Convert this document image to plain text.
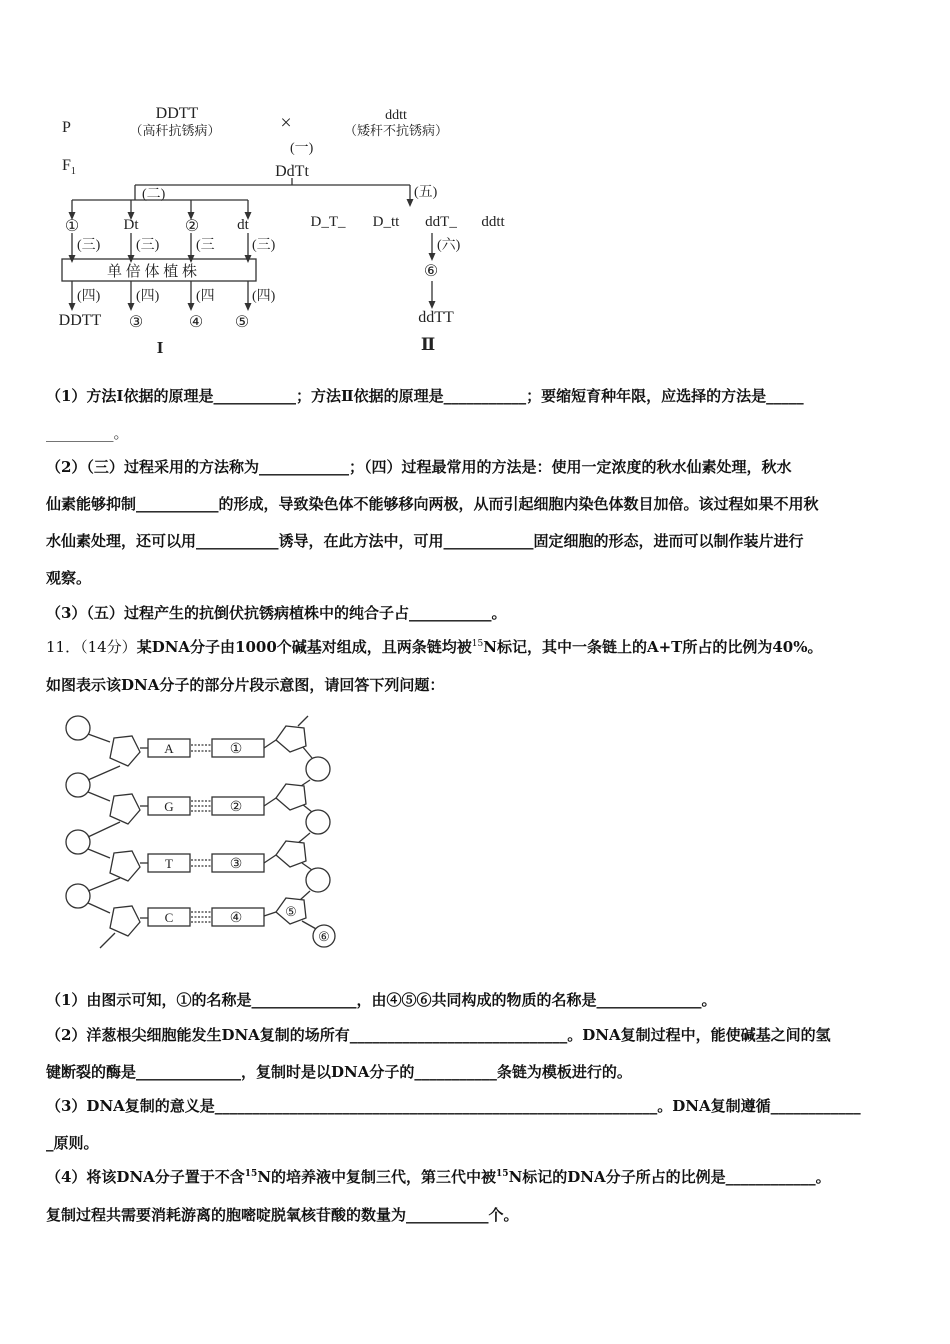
P
$F_1$
DDTT
（高秆抗锈病）	×	ddtt
（矮秆不抗锈病）
(一)
DdTt
(二)	(五)
①	Dt	②	dt
(三)	(三)	(三	(三)
单 倍 体 植 株
(四)	(四)	(四	(四)
DDTT ③	④ ⑤
I
D_T_ D_tt ddT_ ddtt
(六)
⑥
ddTT
Ⅱ
（1）方法Ⅰ依据的原理是___________；方法Ⅱ依据的原理是___________；要缩短育种年限，应选择的方法是_____
_________。
（2）（三）过程采用的方法称为____________；（四）过程最常用的方法是：使用一定浓度的秋水仙素处理，秋水
仙素能够抑制___________的形成，导致染色体不能够移向两极，从而引起细胞内染色体数目加倍。该过程如果不用秋
水仙素处理，还可以用___________诱导，在此方法中，可用____________固定细胞的形态，进而可以制作装片进行
观察。
（3）（五）过程产生的抗倒伏抗锈病植株中的纯合子占___________。
11．（14分）某DNA分子由1000个碱基对组成，且两条链均被$^{15}$N标记，其中一条链上的A+T所占的比例为40%。
如图表示该DNA分子的部分片段示意图，请回答下列问题：
A
G
T
C
①
②
③
④	⑤
⑥
（1）由图示可知，①的名称是______________，由④⑤⑥共同构成的物质的名称是______________。
（2）洋葱根尖细胞能发生DNA复制的场所有_____________________________。DNA复制过程中，能使碱基之间的氢
键断裂的酶是______________，复制时是以DNA分子的___________条链为模板进行的。
（3）DNA复制的意义是___________________________________________________________。DNA复制遵循____________
_原则。
（4）将该DNA分子置于不含$^{15}$N的培养液中复制三代，第三代中被$^{15}$N标记的DNA分子所占的比例是____________。
复制过程共需要消耗游离的胞嘧啶脱氧核苷酸的数量为___________个。
